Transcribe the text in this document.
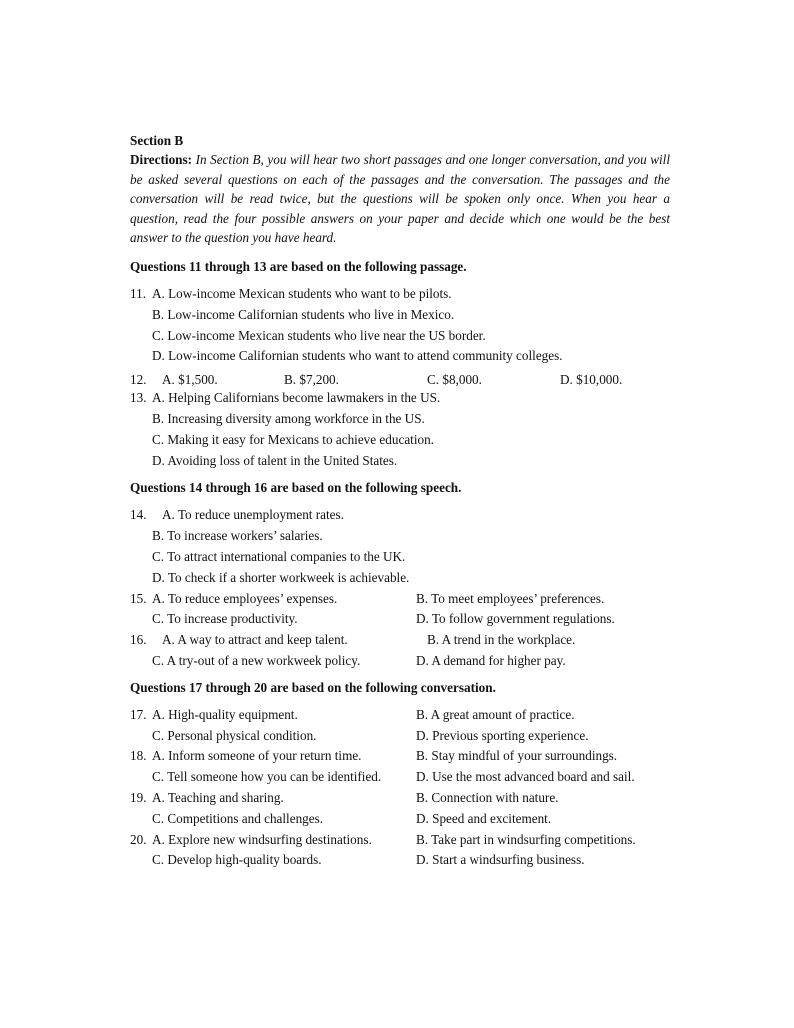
Section B

Directions: In Section B, you will hear two short passages and one longer conversation, and you will be asked several questions on each of the passages and the conversation. The passages and the conversation will be read twice, but the questions will be spoken only once. When you hear a question, read the four possible answers on your paper and decide which one would be the best answer to the question you have heard.

Questions 11 through 13 are based on the following passage.
11. A. Low-income Mexican students who want to be pilots.
B. Low-income Californian students who live in Mexico.
C. Low-income Mexican students who live near the US border.
D. Low-income Californian students who want to attend community colleges.
12. A. $1,500.	B. $7,200.	C. $8,000.	D. $10,000.
13. A. Helping Californians become lawmakers in the US.
B. Increasing diversity among workforce in the US.
C. Making it easy for Mexicans to achieve education.
D. Avoiding loss of talent in the United States.
Questions 14 through 16 are based on the following speech.
14. A. To reduce unemployment rates.
B. To increase workers’ salaries.
C. To attract international companies to the UK.
D. To check if a shorter workweek is achievable.
15. A. To reduce employees’ expenses.	B. To meet employees’ preferences.
C. To increase productivity.	D. To follow government regulations.
16. A. A way to attract and keep talent.	B. A trend in the workplace.
C. A try-out of a new workweek policy.	D. A demand for higher pay.
Questions 17 through 20 are based on the following conversation.
17. A. High-quality equipment.	B. A great amount of practice.
C. Personal physical condition.	D. Previous sporting experience.
18. A. Inform someone of your return time.	B. Stay mindful of your surroundings.
C. Tell someone how you can be identified.	D. Use the most advanced board and sail.
19. A. Teaching and sharing.	B. Connection with nature.
C. Competitions and challenges.	D. Speed and excitement.
20. A. Explore new windsurfing destinations.	B. Take part in windsurfing competitions.
C. Develop high-quality boards.	D. Start a windsurfing business.
